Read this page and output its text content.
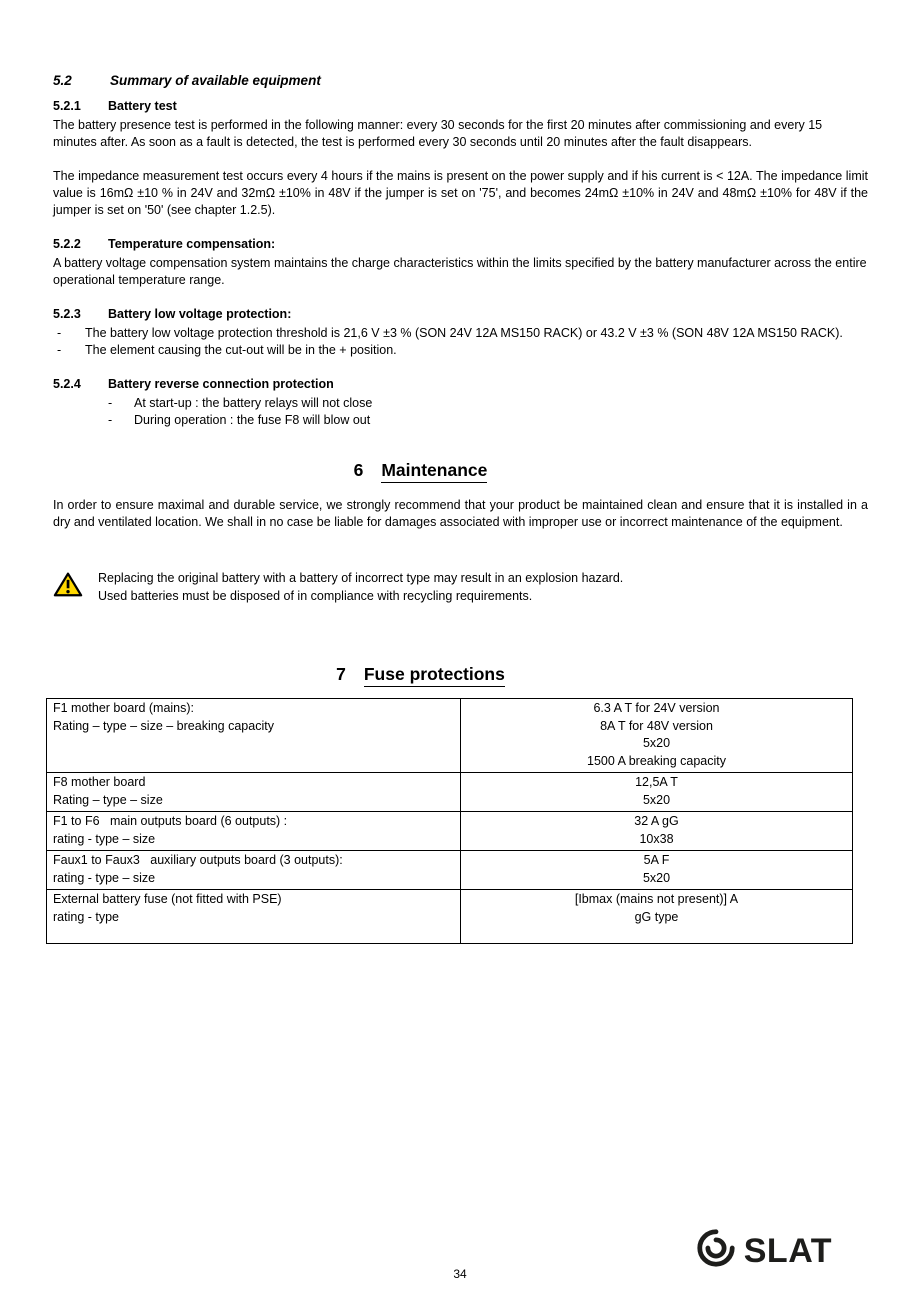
5.2	Summary of available equipment
5.2.1	Battery test

The battery presence test is performed in the following manner: every 30 seconds for the first 20 minutes after commissioning and every 15 minutes after. As soon as a fault is detected, the test is performed every 30 seconds until 20 minutes after the fault disappears.

The impedance measurement test occurs every 4 hours if the mains is present on the power supply and if his current is < 12A. The impedance limit value is 16mΩ ±10 % in 24V and 32mΩ ±10% in 48V if the jumper is set on '75', and becomes 24mΩ ±10% in 24V and 48mΩ ±10% for 48V if the jumper is set on '50' (see chapter 1.2.5).

5.2.2	Temperature compensation:

A battery voltage compensation system maintains the charge characteristics within the limits specified by the battery manufacturer across the entire operational temperature range.

5.2.3	Battery low voltage protection:
-	The battery low voltage protection threshold is 21,6 V ±3 % (SON 24V 12A MS150 RACK) or 43.2 V ±3 % (SON 48V 12A MS150 RACK).
-	The element causing the cut-out will be in the + position.
5.2.4	Battery reverse connection protection
-	At start-up : the battery relays will not close
-	During operation : the fuse F8 will blow out
6 Maintenance

In order to ensure maximal and durable service, we strongly recommend that your product be maintained clean and ensure that it is installed in a dry and ventilated location. We shall in no case be liable for damages associated with improper use or incorrect maintenance of the equipment.

Replacing the original battery with a battery of incorrect type may result in an explosion hazard.
Used batteries must be disposed of in compliance with recycling requirements.
7 Fuse protections
F1 mother board (mains):
Rating – type – size – breaking capacity

6.3 A T for 24V version
8A T for 48V version
5x20
1500 A breaking capacity

F8 mother board
Rating – type – size

12,5A T
5x20

F1 to F6   main outputs board (6 outputs) :
rating - type – size

32 A gG
10x38

Faux1 to Faux3   auxiliary outputs board (3 outputs):
rating - type – size

5A F
5x20

External battery fuse (not fitted with PSE)
rating - type

[Ibmax (mains not present)] A
gG type
34
SLAT
